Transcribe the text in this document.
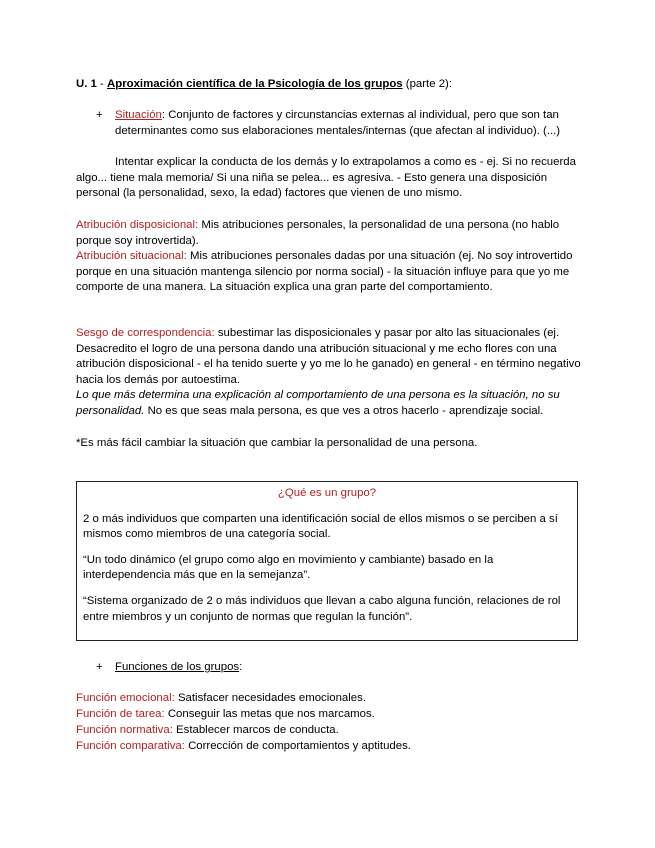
U. 1 - Aproximación científica de la Psicología de los grupos (parte 2):

+ Situación: Conjunto de factores y circunstancias externas al individual, pero que son tan determinantes como sus elaboraciones mentales/internas (que afectan al individuo). (...)

Intentar explicar la conducta de los demás y lo extrapolamos a como es - ej. Si no recuerda algo... tiene mala memoria/ Si una niña se pelea... es agresiva. - Esto genera una disposición personal (la personalidad, sexo, la edad) factores que vienen de uno mismo.

Atribución disposicional: Mis atribuciones personales, la personalidad de una persona (no hablo porque soy introvertida).

Atribución situacional: Mis atribuciones personales dadas por una situación (ej. No soy introvertido porque en una situación mantenga silencio por norma social) - la situación influye para que yo me comporte de una manera. La situación explica una gran parte del comportamiento.

Sesgo de correspondencia: subestimar las disposicionales y pasar por alto las situacionales (ej. Desacredito el logro de una persona dando una atribución situacional y me echo flores con una atribución disposicional - el ha tenido suerte y yo me lo he ganado) en general - en término negativo hacia los demás por autoestima.
Lo que más determina una explicación al comportamiento de una persona es la situación, no su personalidad. No es que seas mala persona, es que ves a otros hacerlo - aprendizaje social.

*Es más fácil cambiar la situación que cambiar la personalidad de una persona.

¿Qué es un grupo?

2 o más individuos que comparten una identificación social de ellos mismos o se perciben a sí mismos como miembros de una categoría social.

“Un todo dinámico (el grupo como algo en movimiento y cambiante) basado en la interdependencia más que en la semejanza”.

“Sistema organizado de 2 o más individuos que llevan a cabo alguna función, relaciones de rol entre miembros y un conjunto de normas que regulan la función”.

+ Funciones de los grupos:
Función emocional: Satisfacer necesidades emocionales.
Función de tarea: Conseguir las metas que nos marcamos.
Función normativa: Establecer marcos de conducta.
Función comparativa: Corrección de comportamientos y aptitudes.
